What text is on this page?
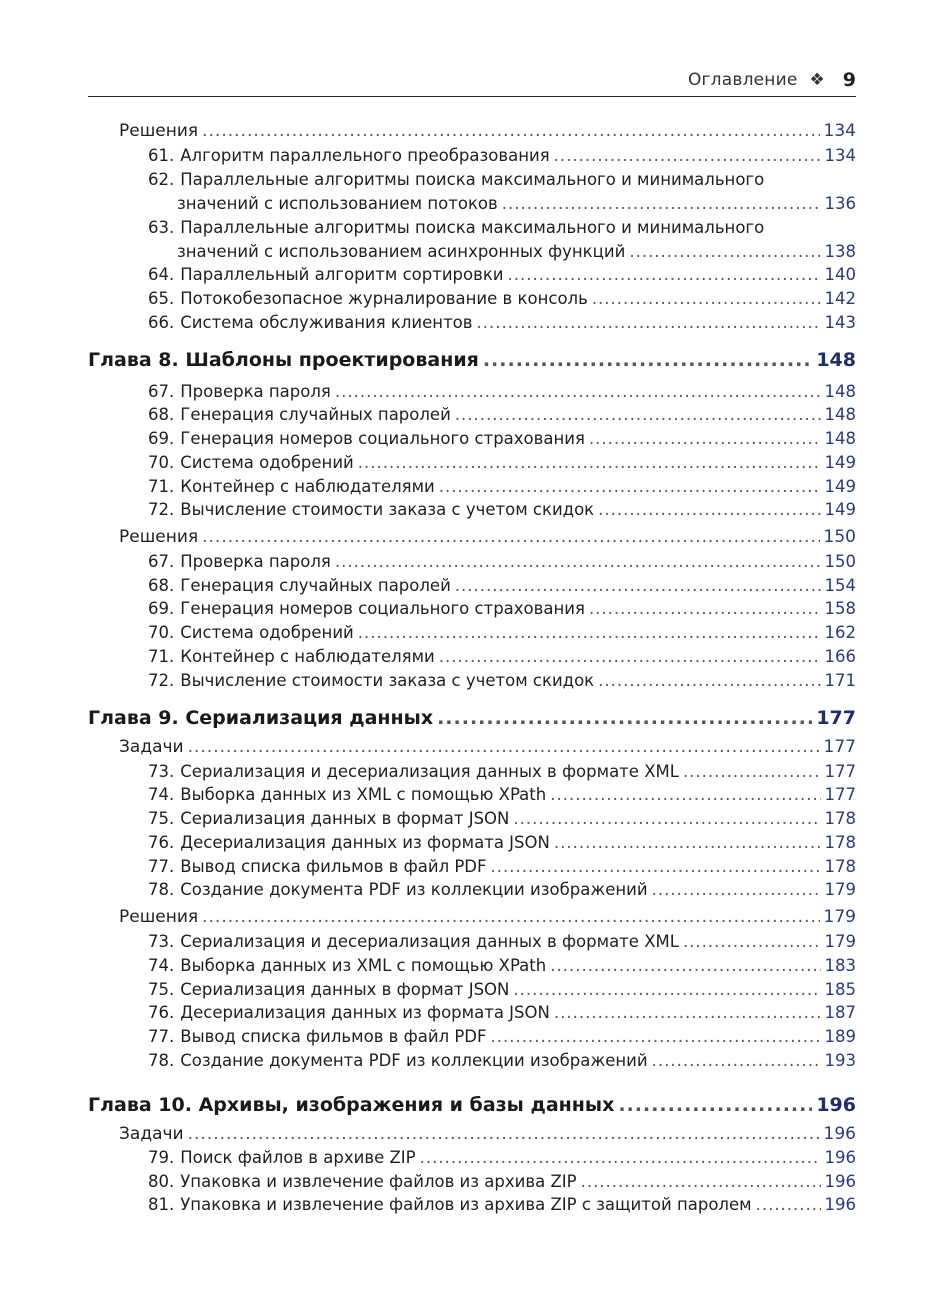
Оглавление ❖ 9
Решения .....	134
61. Алгоритм параллельного преобразования .....	134
62. Параллельные алгоритмы поиска максимального и минимального
значений с использованием потоков .....	136
63. Параллельные алгоритмы поиска максимального и минимального
значений с использованием асинхронных функций .....	138
64. Параллельный алгоритм сортировки .....	140
65. Потокобезопасное журналирование в консоль .....	142
66. Система обслуживания клиентов .....	143
Глава 8. Шаблоны проектирования .....	148
67. Проверка пароля .....	148
68. Генерация случайных паролей .....	148
69. Генерация номеров социального страхования .....	148
70. Система одобрений .....	149
71. Контейнер с наблюдателями .....	149
72. Вычисление стоимости заказа с учетом скидок .....	149
Решения .....	150
67. Проверка пароля .....	150
68. Генерация случайных паролей .....	154
69. Генерация номеров социального страхования .....	158
70. Система одобрений .....	162
71. Контейнер с наблюдателями .....	166
72. Вычисление стоимости заказа с учетом скидок .....	171
Глава 9. Сериализация данных .....	177
Задачи .....	177
73. Сериализация и десериализация данных в формате XML .....	177
74. Выборка данных из XML с помощью XPath .....	177
75. Сериализация данных в формат JSON .....	178
76. Десериализация данных из формата JSON .....	178
77. Вывод списка фильмов в файл PDF .....	178
78. Создание документа PDF из коллекции изображений .....	179
Решения .....	179
73. Сериализация и десериализация данных в формате XML .....	179
74. Выборка данных из XML с помощью XPath .....	183
75. Сериализация данных в формат JSON .....	185
76. Десериализация данных из формата JSON .....	187
77. Вывод списка фильмов в файл PDF .....	189
78. Создание документа PDF из коллекции изображений .....	193
Глава 10. Архивы, изображения и базы данных .....	196
Задачи .....	196
79. Поиск файлов в архиве ZIP .....	196
80. Упаковка и извлечение файлов из архива ZIP .....	196
81. Упаковка и извлечение файлов из архива ZIP с защитой паролем .....	196
